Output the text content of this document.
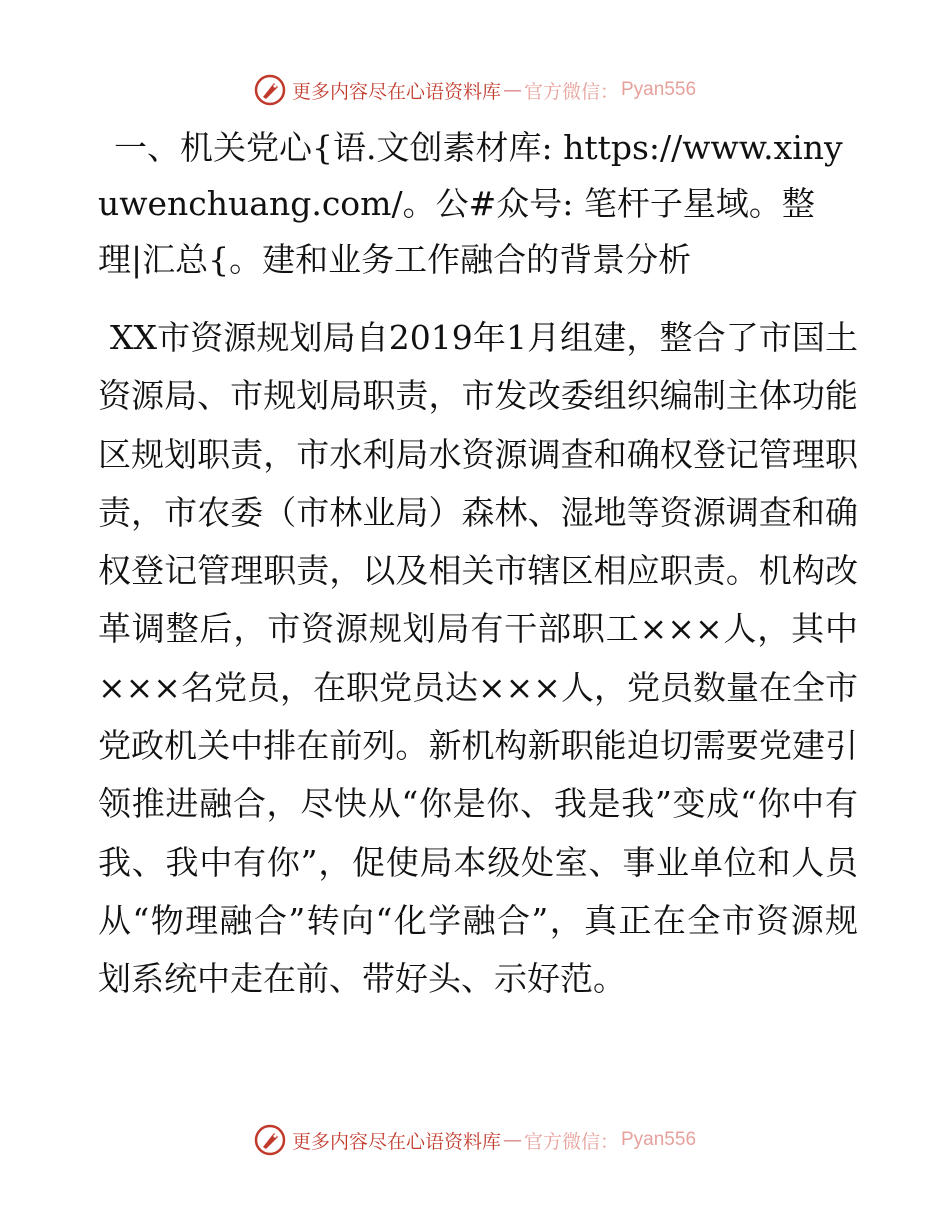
更多内容尽在心语资料库 — 官方微信： Pyan556
一、机关党心{语.文创素材库: https://www.xinyuwenchuang.com/。公#众号: 笔杆子星域。整理|汇总{。建和业务工作融合的背景分析

XX市资源规划局自2019年1月组建，整合了市国土资源局、市规划局职责，市发改委组织编制主体功能区规划职责，市水利局水资源调查和确权登记管理职责，市农委（市林业局）森林、湿地等资源调查和确权登记管理职责，以及相关市辖区相应职责。机构改革调整后，市资源规划局有干部职工×××人，其中×××名党员，在职党员达×××人，党员数量在全市党政机关中排在前列。新机构新职能迫切需要党建引领推进融合，尽快从“你是你、我是我”变成“你中有我、我中有你”，促使局本级处室、事业单位和人员从“物理融合”转向“化学融合”，真正在全市资源规划系统中走在前、带好头、示好范。

更多内容尽在心语资料库 — 官方微信： Pyan556
